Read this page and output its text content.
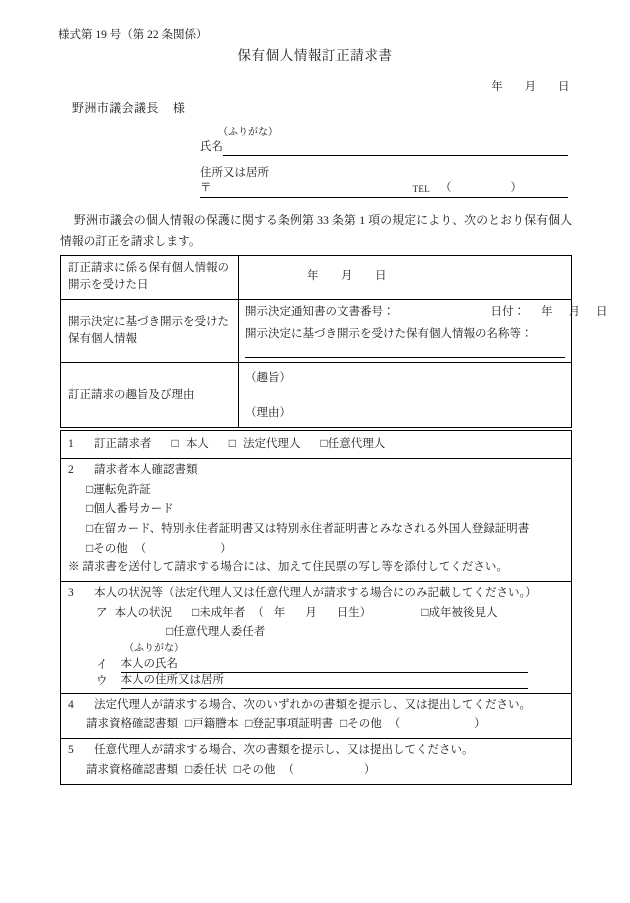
様式第 19 号（第 22 条関係）
保有個人情報訂正請求書
年 月 日
野洲市議会議長 様
（ふりがな）
氏名
住所又は居所
〒	TEL （　　）
野洲市議会の個人情報の保護に関する条例第 33 条第 1 項の規定により、次のとおり保有個人情報の訂正を請求します。
訂正請求に係る保有個人情報の開示を受けた日	年 月 日

開示決定に基づき開示を受けた保有個人情報	開示決定通知書の文書番号： 日付： 年 月 日
開示決定に基づき開示を受けた保有個人情報の名称等：

訂正請求の趣旨及び理由	（趣旨）
（理由）
1 訂正請求者 □ 本人 □ 法定代理人 □任意代理人

2 請求者本人確認書類
□運転免許証
□個人番号カード
□在留カード、特別永住者証明書又は特別永住者証明書とみなされる外国人登録証明書
□その他 （	）
※ 請求書を送付して請求する場合には、加えて住民票の写し等を添付してください。

3 本人の状況等（法定代理人又は任意代理人が請求する場合にのみ記載してください。）
ア 本人の状況 □未成年者 （ 年 月 日生）	□成年被後見人
□任意代理人委任者
（ふりがな）
イ 本人の氏名
ウ 本人の住所又は居所

4 法定代理人が請求する場合、次のいずれかの書類を提示し、又は提出してください。
請求資格確認書類 □戸籍謄本 □登記事項証明書 □その他 （	）

5 任意代理人が請求する場合、次の書類を提示し、又は提出してください。
請求資格確認書類 □委任状 □その他 （	）
